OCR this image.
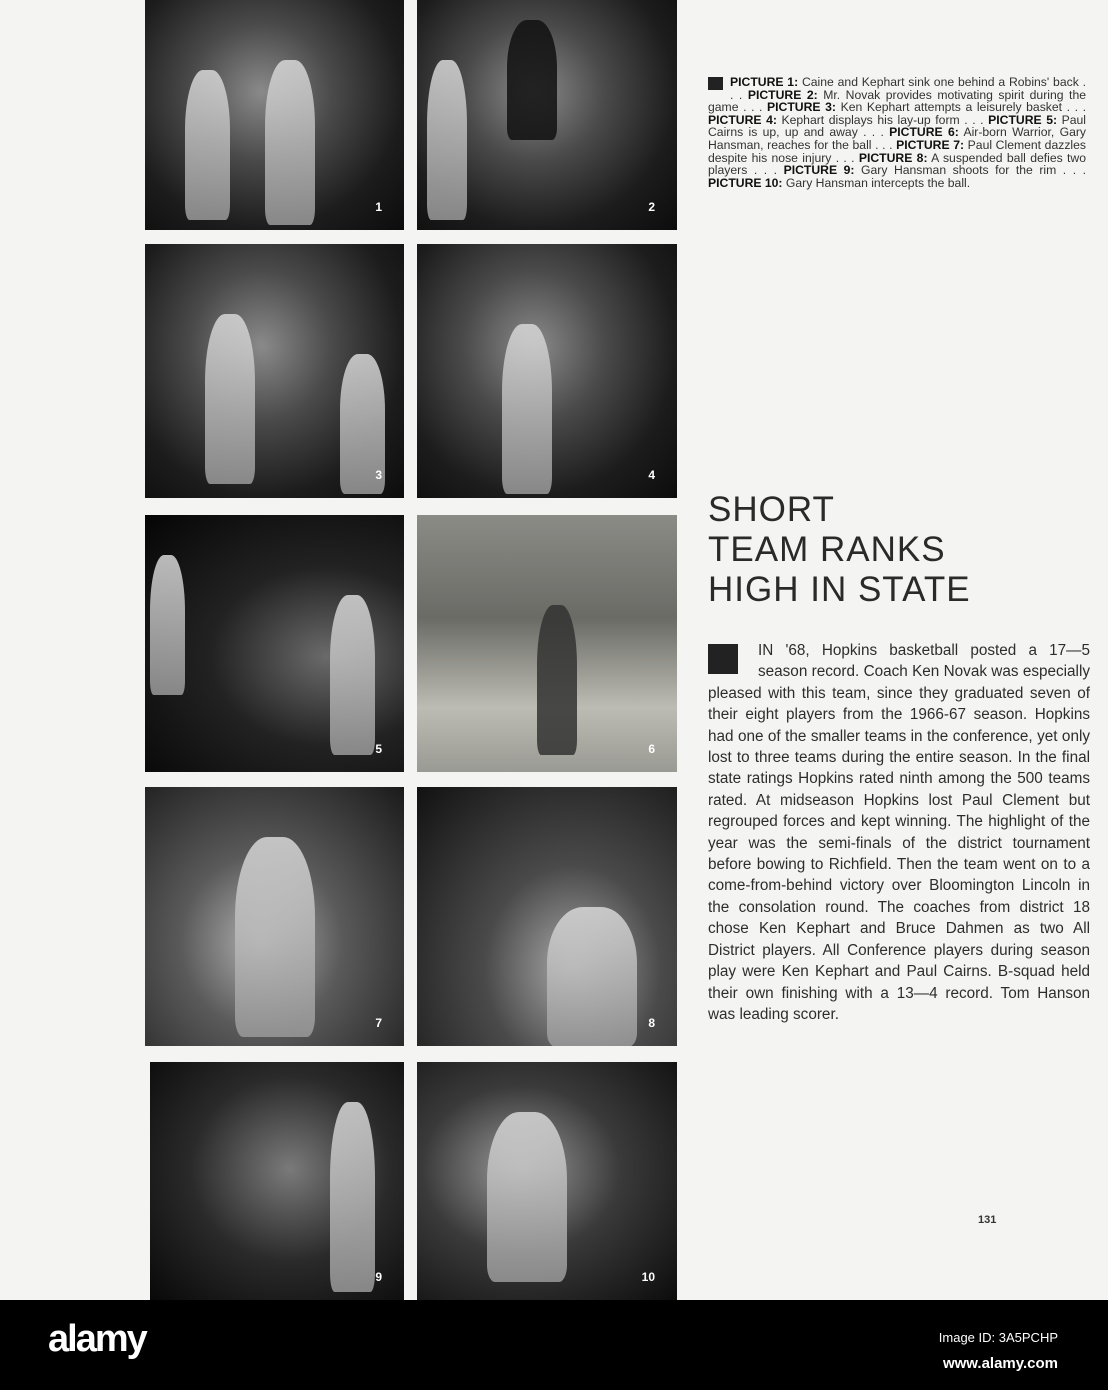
1	2
3	4
5	6
7	8
9	10
PICTURE 1: Caine and Kephart sink one behind a Robins' back . . . PICTURE 2: Mr. Novak provides motivating spirit during the game . . . PICTURE 3: Ken Kephart attempts a leisurely basket . . . PICTURE 4: Kephart displays his lay-up form . . . PICTURE 5: Paul Cairns is up, up and away . . . PICTURE 6: Air-born Warrior, Gary Hansman, reaches for the ball . . . PICTURE 7: Paul Clement dazzles despite his nose injury . . . PICTURE 8: A suspended ball defies two players . . . PICTURE 9: Gary Hansman shoots for the rim . . . PICTURE 10: Gary Hansman intercepts the ball.
SHORT
TEAM RANKS
HIGH IN STATE
IN '68, Hopkins basketball posted a 17—5 season record. Coach Ken Novak was especially pleased with this team, since they graduated seven of their eight players from the 1966-67 season. Hopkins had one of the smaller teams in the conference, yet only lost to three teams during the entire season. In the final state ratings Hopkins rated ninth among the 500 teams rated. At midseason Hopkins lost Paul Clement but regrouped forces and kept winning. The highlight of the year was the semi-finals of the district tournament before bowing to Richfield. Then the team went on to a come-from-behind victory over Bloomington Lincoln in the consolation round. The coaches from district 18 chose Ken Kephart and Bruce Dahmen as two All District players. All Conference players during season play were Ken Kephart and Paul Cairns. B-squad held their own finishing with a 13—4 record. Tom Hanson was leading scorer.
131
alamy	Image ID: 3A5PCHP
www.alamy.com
